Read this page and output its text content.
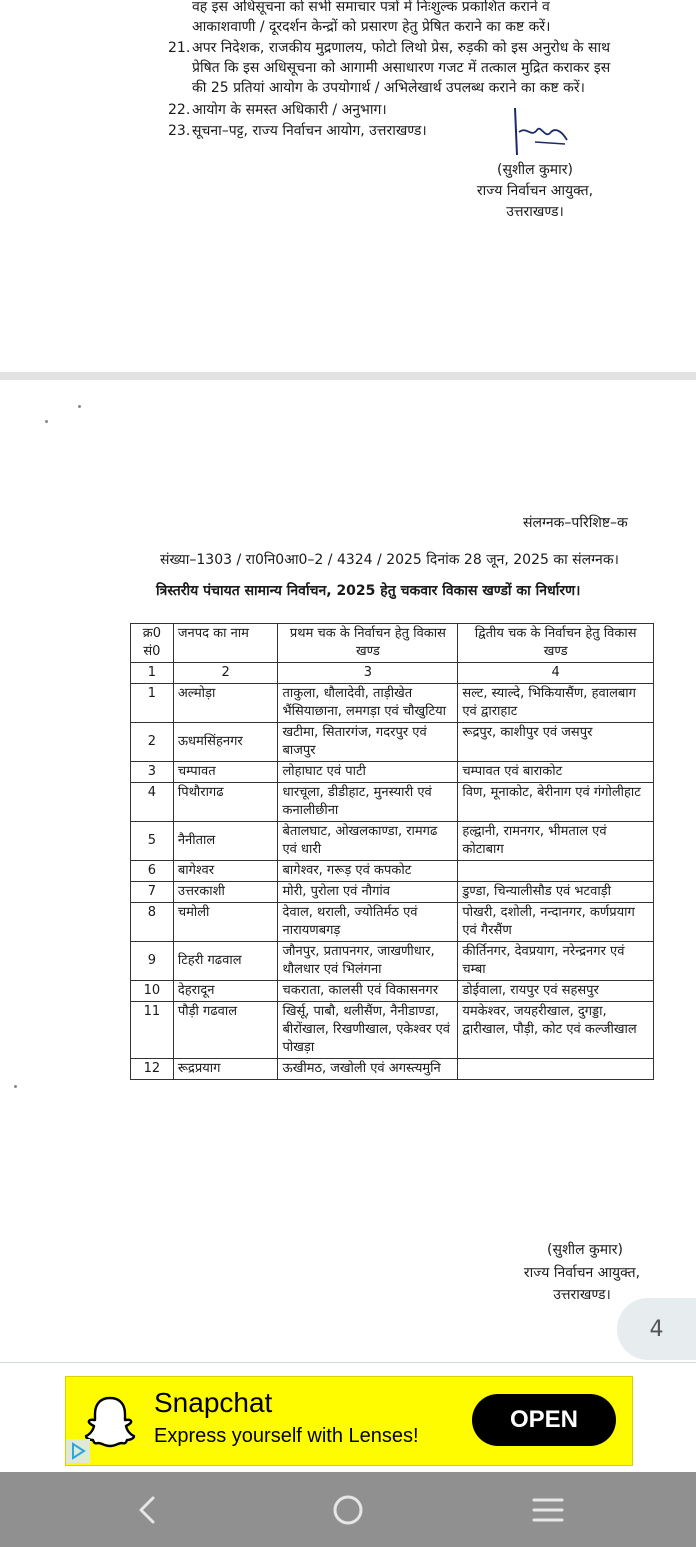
वह इस अधिसूचना को सभी समाचार पत्रों में निःशुल्क प्रकाशित कराने व
आकाशवाणी / दूरदर्शन केन्द्रों को प्रसारण हेतु प्रेषित कराने का कष्ट करें।
21. अपर निदेशक, राजकीय मुद्रणालय, फोटो लिथो प्रेस, रुड़की को इस अनुरोध के साथ
प्रेषित कि इस अधिसूचना को आगामी असाधारण गजट में तत्काल मुद्रित कराकर इस
की 25 प्रतियां आयोग के उपयोगार्थ / अभिलेखार्थ उपलब्ध कराने का कष्ट करें।
22. आयोग के समस्त अधिकारी / अनुभाग।
23. सूचना–पट्ट, राज्य निर्वाचन आयोग, उत्तराखण्ड।
(सुशील कुमार)
राज्य निर्वाचन आयुक्त,
उत्तराखण्ड।
संलग्नक–परिशिष्ट–क
संख्या–1303 / रा0नि0आ0–2 / 4324 / 2025 दिनांक 28 जून, 2025 का संलग्नक।
त्रिस्तरीय पंचायत सामान्य निर्वाचन, 2025 हेतु चकवार विकास खण्डों का निर्धारण।
क्र0 सं0	जनपद का नाम	प्रथम चक के निर्वाचन हेतु विकास खण्ड	द्वितीय चक के निर्वाचन हेतु विकास खण्ड
1	2	3	4
1	अल्मोड़ा	ताकुला, धौलादेवी, ताड़ीखेत भैंसियाछाना, लमगड़ा एवं चौखुटिया	सल्ट, स्याल्दे, भिकियासैंण, हवालबाग एवं द्वाराहाट
2	ऊधमसिंहनगर	खटीमा, सितारगंज, गदरपुर एवं बाजपुर	रूद्रपुर, काशीपुर एवं जसपुर
3	चम्पावत	लोहाघाट एवं पाटी	चम्पावत एवं बाराकोट
4	पिथौरागढ	धारचूला, डीडीहाट, मुनस्यारी एवं कनालीछीना	विण, मूनाकोट, बेरीनाग एवं गंगोलीहाट
5	नैनीताल	बेतालघाट, ओखलकाण्डा, रामगढ एवं धारी	हल्द्वानी, रामनगर, भीमताल एवं कोटाबाग
6	बागेश्वर	बागेश्वर, गरूड़ एवं कपकोट	
7	उत्तरकाशी	मोरी, पुरोला एवं नौगांव	डुण्डा, चिन्यालीसौड एवं भटवाड़ी
8	चमोली	देवाल, थराली, ज्योतिर्मठ एवं नारायणबगड़	पोखरी, दशोली, नन्दानगर, कर्णप्रयाग एवं गैरसैंण
9	टिहरी गढवाल	जौनपुर, प्रतापनगर, जाखणीधार, थौलधार एवं भिलंगना	कीर्तिनगर, देवप्रयाग, नरेन्द्रनगर एवं चम्बा
10	देहरादून	चकराता, कालसी एवं विकासनगर	डोईवाला, रायपुर एवं सहसपुर
11	पौड़ी गढवाल	खिर्सू, पाबौ, थलीसैंण, नैनीडाण्डा, बीरोंखाल, रिखणीखाल, एकेश्वर एवं पोखड़ा	यमकेश्वर, जयहरीखाल, दुगड्डा, द्वारीखाल, पौड़ी, कोट एवं कल्जीखाल
12	रूद्रप्रयाग	ऊखीमठ, जखोली एवं अगस्त्यमुनि	
(सुशील कुमार)
राज्य निर्वाचन आयुक्त,
उत्तराखण्ड।
4
Snapchat
Express yourself with Lenses!
OPEN
